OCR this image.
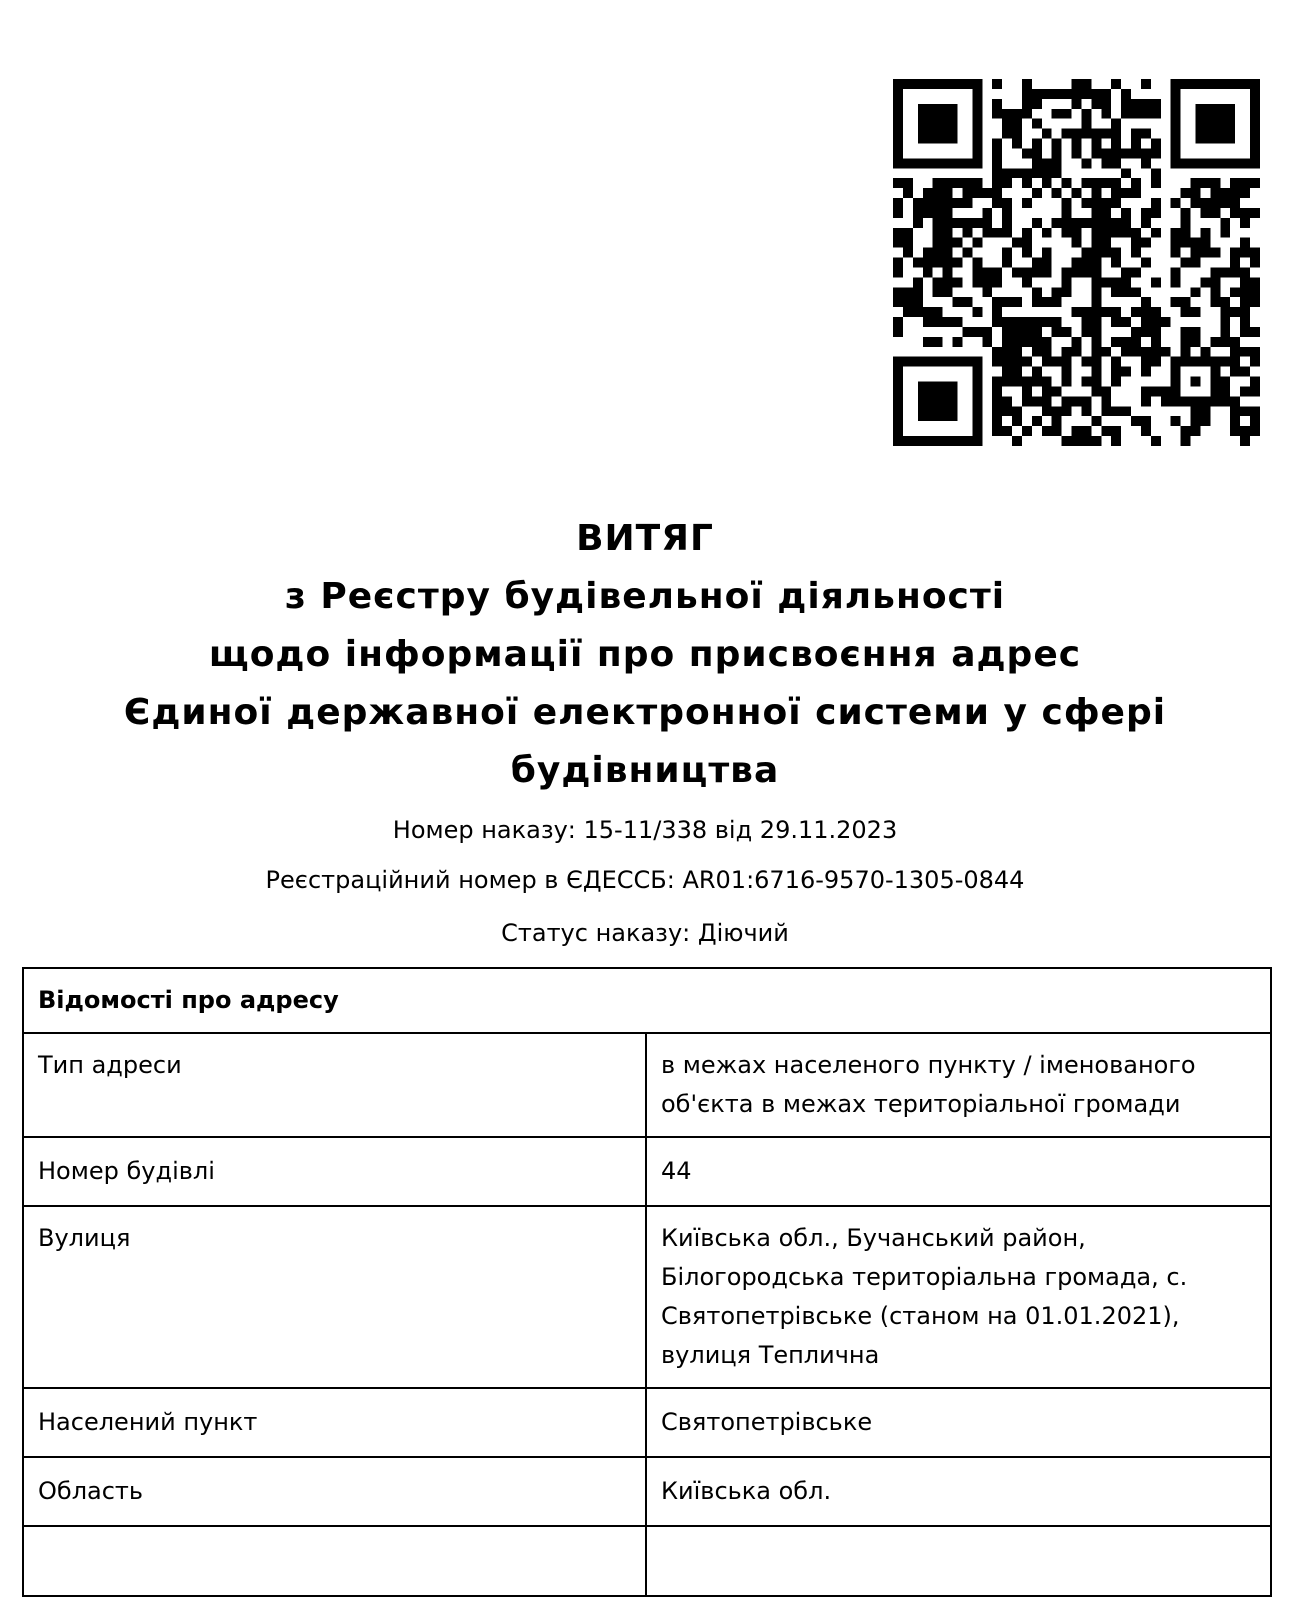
ВИТЯГ
з Реєстру будівельної діяльності
щодо інформації про присвоєння адрес
Єдиної державної електронної системи у сфері
будівництва
Номер наказу: 15-11/338 від 29.11.2023
Реєстраційний номер в ЄДЕССБ: AR01:6716-9570-1305-0844
Статус наказу: Діючий
Відомості про адресу	
Тип адреси	в межах населеного пункту / іменованого об'єкта в межах територіальної громади
Номер будівлі	44
Вулиця	Київська обл., Бучанський район, Білогородська територіальна громада, с. Святопетрівське (станом на 01.01.2021), вулиця Теплична
Населений пункт	Святопетрівське
Область	Київська обл.
